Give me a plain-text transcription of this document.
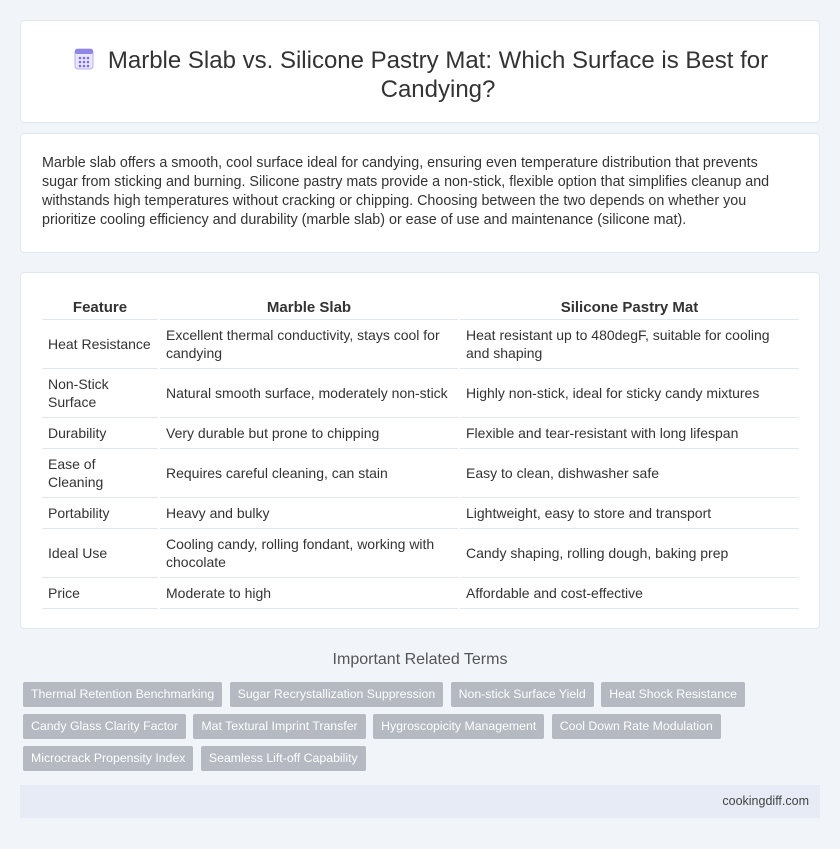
Marble Slab vs. Silicone Pastry Mat: Which Surface is Best for Candying?

Marble slab offers a smooth, cool surface ideal for candying, ensuring even temperature distribution that prevents sugar from sticking and burning. Silicone pastry mats provide a non-stick, flexible option that simplifies cleanup and withstands high temperatures without cracking or chipping. Choosing between the two depends on whether you prioritize cooling efficiency and durability (marble slab) or ease of use and maintenance (silicone mat).

Feature	Marble Slab	Silicone Pastry Mat
Heat Resistance	Excellent thermal conductivity, stays cool for candying	Heat resistant up to 480degF, suitable for cooling and shaping
Non-Stick Surface	Natural smooth surface, moderately non-stick	Highly non-stick, ideal for sticky candy mixtures
Durability	Very durable but prone to chipping	Flexible and tear-resistant with long lifespan
Ease of Cleaning	Requires careful cleaning, can stain	Easy to clean, dishwasher safe
Portability	Heavy and bulky	Lightweight, easy to store and transport
Ideal Use	Cooling candy, rolling fondant, working with chocolate	Candy shaping, rolling dough, baking prep
Price	Moderate to high	Affordable and cost-effective
Important Related Terms
Thermal Retention Benchmarking Sugar Recrystallization Suppression Non-stick Surface Yield Heat Shock Resistance Candy Glass Clarity Factor Mat Textural Imprint Transfer Hygroscopicity Management Cool Down Rate Modulation Microcrack Propensity Index Seamless Lift-off Capability
cookingdiff.com
